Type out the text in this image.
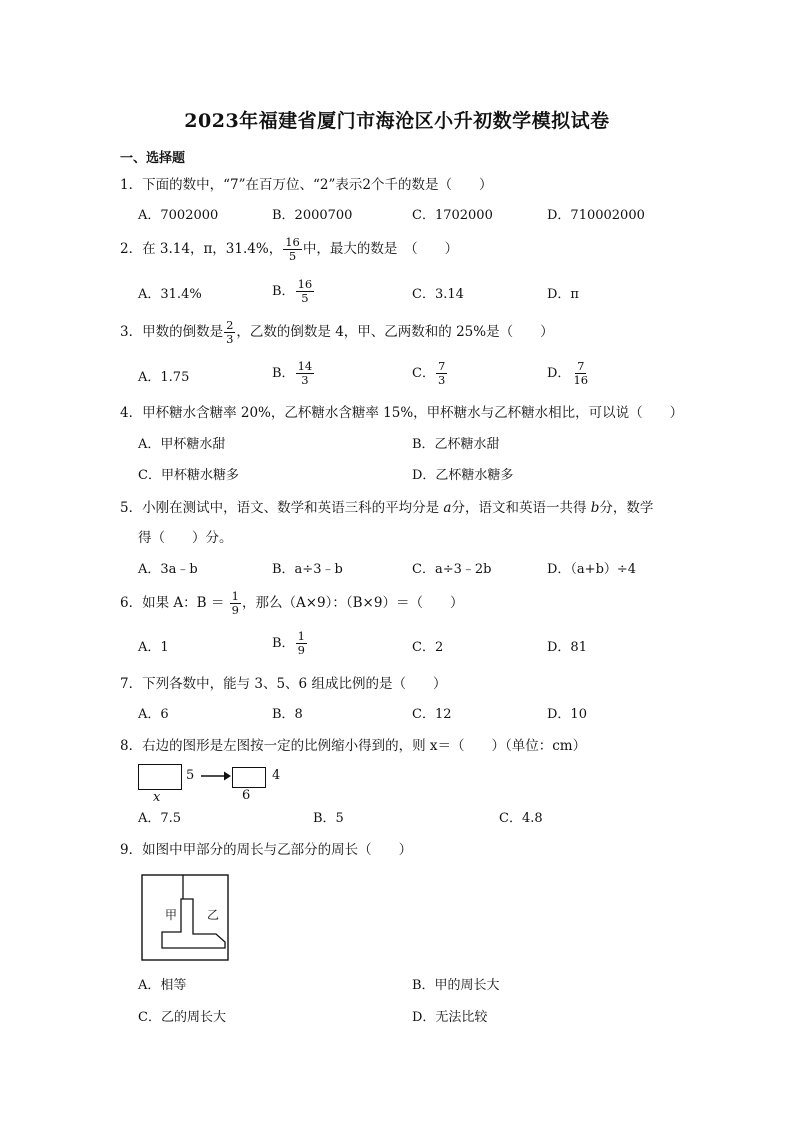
2023年福建省厦门市海沧区小升初数学模拟试卷
一、选择题
1．下面的数中，“7”在百万位、“2”表示2个千的数是（　　）
A．7002000	B．2000700	C．1702000	D．710002000
2．在 3.14，π，31.4%， $\frac{16}{5}$ 中，最大的数是　（　　）
A．31.4%	B． $\frac{16}{5}$	C．3.14	D．π
3．甲数的倒数是 $\frac{2}{3}$ ，乙数的倒数是 4，甲、乙两数和的 25%是（　　）
A．1.75	B． $\frac{14}{3}$	C． $\frac{7}{3}$	D． $\frac{7}{16}$
4．甲杯糖水含糖率 20%，乙杯糖水含糖率 15%，甲杯糖水与乙杯糖水相比，可以说（　　）
A．甲杯糖水甜	B．乙杯糖水甜
C．甲杯糖水糖多	D．乙杯糖水糖多
5．小刚在测试中，语文、数学和英语三科的平均分是 a分，语文和英语一共得 b分，数学
得（　　）分。
A．3a﹣b	B．a÷3﹣b	C．a÷3﹣2b	D．（a+b）÷4
6．如果 A：$B = \frac{1}{9}$ ，那么（A×9）：（B×9）＝（　　）
A．1	B． $\frac{1}{9}$	C．2	D．81
7．下列各数中，能与 3、5、6 组成比例的是（　　）
A．6	B．8	C．12	D．10
8．右边的图形是左图按一定的比例缩小得到的，则 x＝（　　）（单位：cm）
5
x
4
6
A．7.5	B．5	C．4.8
9．如图中甲部分的周长与乙部分的周长（　　）
甲 乙
A．相等	B．甲的周长大
C．乙的周长大	D．无法比较
